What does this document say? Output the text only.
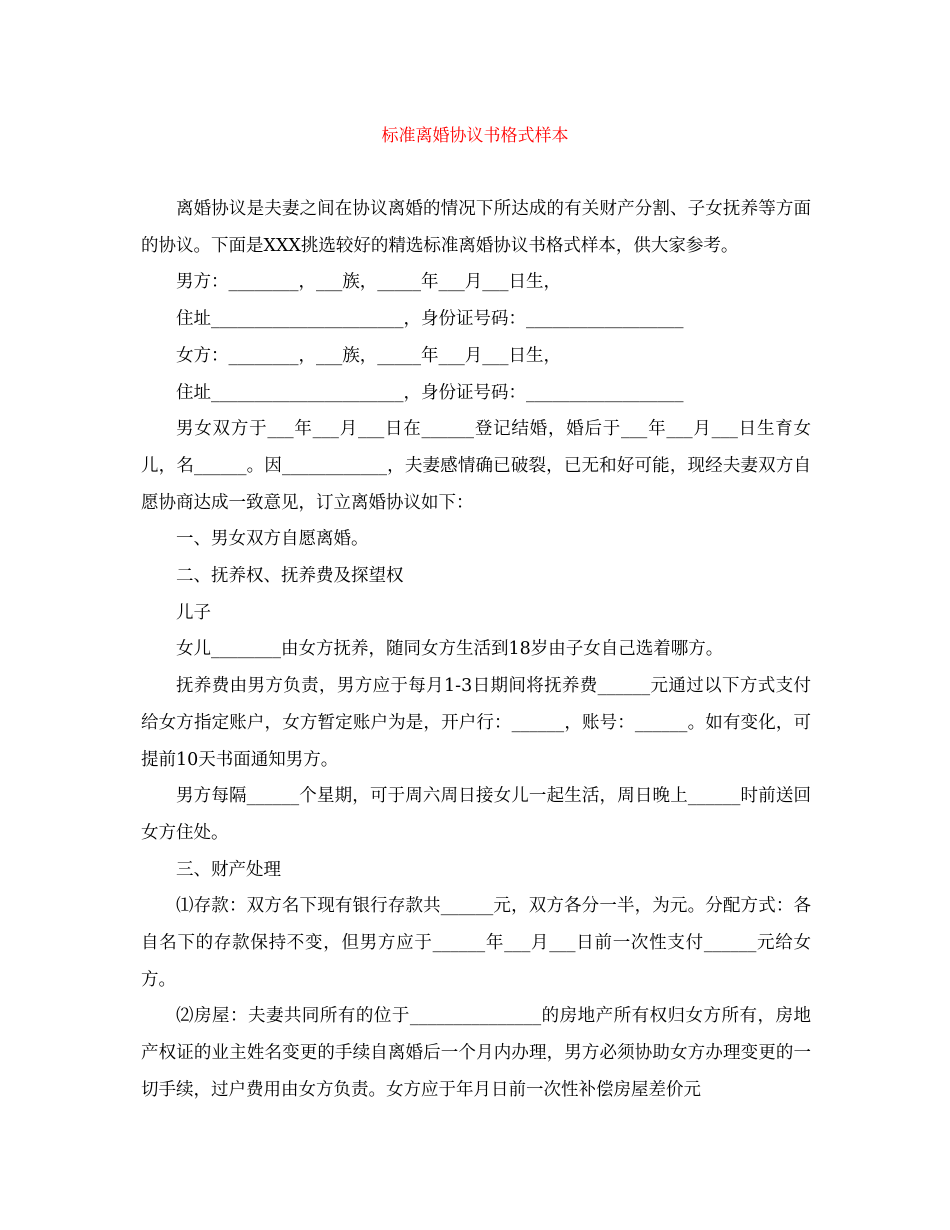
标准离婚协议书格式样本

离婚协议是夫妻之间在协议离婚的情况下所达成的有关财产分割、子女抚养等方面的协议。下面是XXX挑选较好的精选标准离婚协议书格式样本，供大家参考。

男方：________，___族，_____年___月___日生，

住址______________________，身份证号码：__________________

女方：________，___族，_____年___月___日生，

住址______________________，身份证号码：__________________

男女双方于___年___月___日在______登记结婚，婚后于___年___月___日生育女儿，名______。因____________，夫妻感情确已破裂，已无和好可能，现经夫妻双方自愿协商达成一致意见，订立离婚协议如下：

一、男女双方自愿离婚。

二、抚养权、抚养费及探望权

儿子

女儿________由女方抚养，随同女方生活到18岁由子女自己选着哪方。

抚养费由男方负责，男方应于每月1-3日期间将抚养费______元通过以下方式支付给女方指定账户，女方暂定账户为是，开户行：______，账号：______。如有变化，可提前10天书面通知男方。

男方每隔______个星期，可于周六周日接女儿一起生活，周日晚上______时前送回女方住处。

三、财产处理

⑴存款：双方名下现有银行存款共______元，双方各分一半，为元。分配方式：各自名下的存款保持不变，但男方应于______年___月___日前一次性支付______元给女方。

⑵房屋：夫妻共同所有的位于_______________的房地产所有权归女方所有，房地产权证的业主姓名变更的手续自离婚后一个月内办理，男方必须协助女方办理变更的一切手续，过户费用由女方负责。女方应于年月日前一次性补偿房屋差价元
